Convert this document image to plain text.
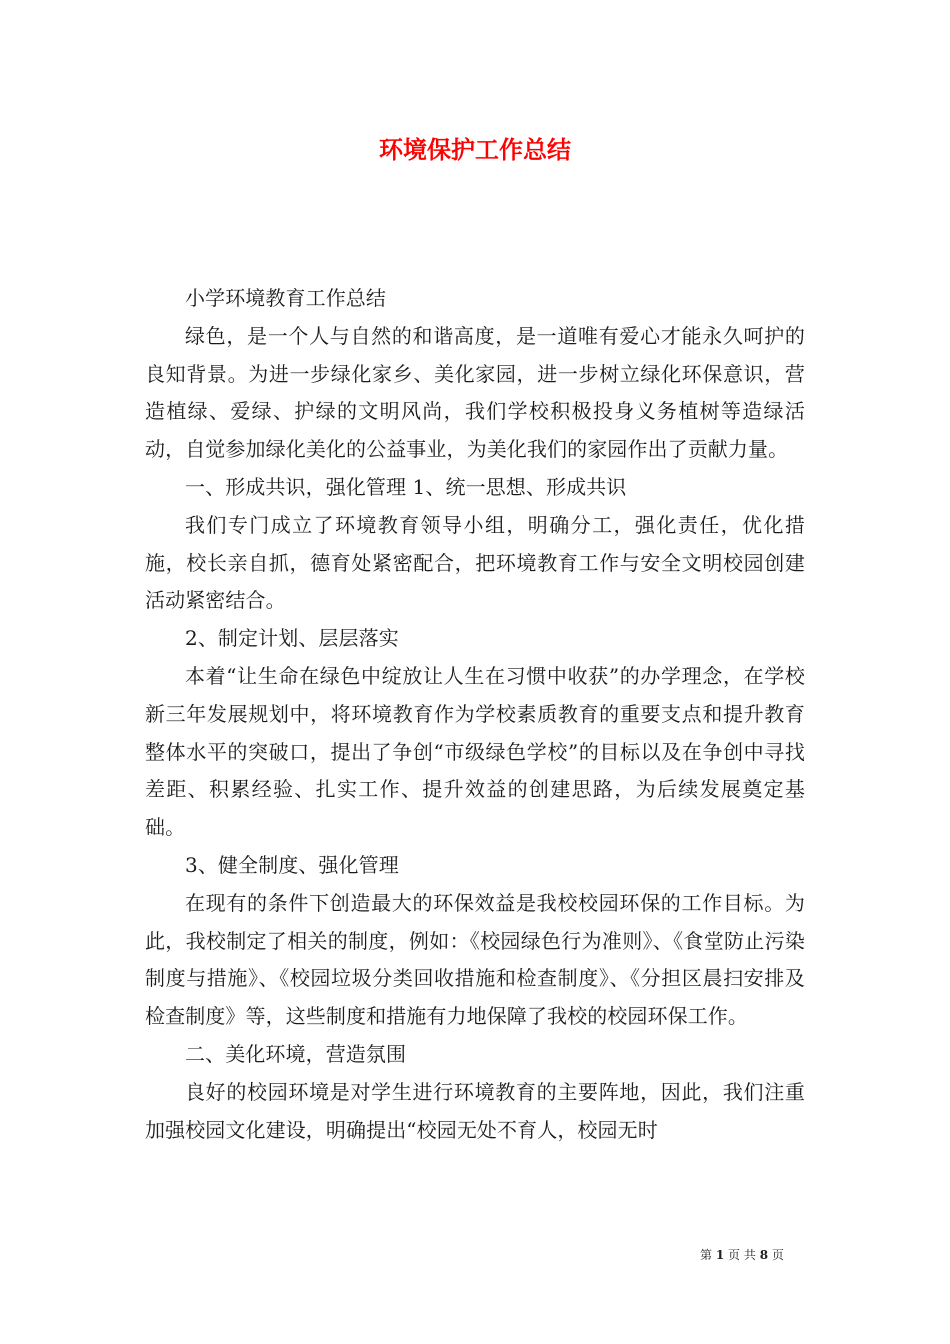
环境保护工作总结

小学环境教育工作总结

绿色，是一个人与自然的和谐高度，是一道唯有爱心才能永久呵护的良知背景。为进一步绿化家乡、美化家园，进一步树立绿化环保意识，营造植绿、爱绿、护绿的文明风尚，我们学校积极投身义务植树等造绿活动，自觉参加绿化美化的公益事业，为美化我们的家园作出了贡献力量。

一、形成共识，强化管理 1、统一思想、形成共识

我们专门成立了环境教育领导小组，明确分工，强化责任，优化措施，校长亲自抓，德育处紧密配合，把环境教育工作与安全文明校园创建活动紧密结合。

2、制定计划、层层落实

本着“让生命在绿色中绽放让人生在习惯中收获”的办学理念，在学校新三年发展规划中，将环境教育作为学校素质教育的重要支点和提升教育整体水平的突破口，提出了争创“市级绿色学校”的目标以及在争创中寻找差距、积累经验、扎实工作、提升效益的创建思路，为后续发展奠定基础。

3、健全制度、强化管理

在现有的条件下创造最大的环保效益是我校校园环保的工作目标。为此，我校制定了相关的制度，例如：《校园绿色行为准则》、《食堂防止污染制度与措施》、《校园垃圾分类回收措施和检查制度》、《分担区晨扫安排及检查制度》等，这些制度和措施有力地保障了我校的校园环保工作。

二、美化环境，营造氛围

良好的校园环境是对学生进行环境教育的主要阵地，因此，我们注重加强校园文化建设，明确提出“校园无处不育人，校园无时

第 1 页 共 8 页
